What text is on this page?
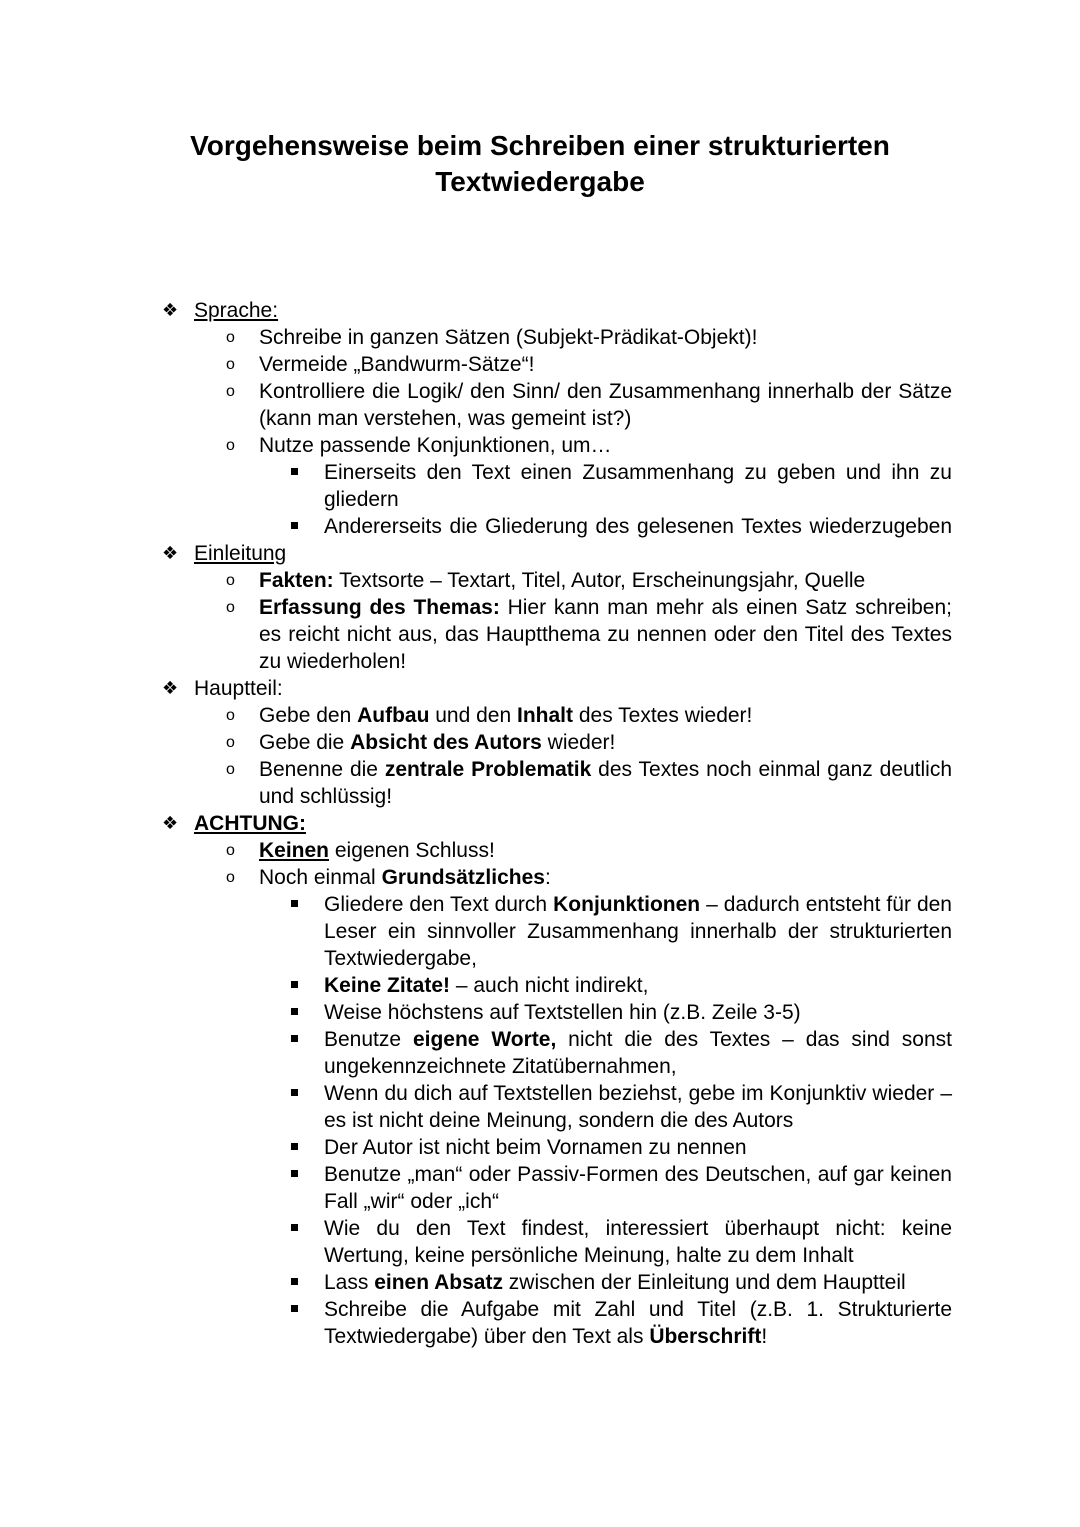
Vorgehensweise beim Schreiben einer strukturierten
Textwiedergabe
❖ Sprache:
o Schreibe in ganzen Sätzen (Subjekt-Prädikat-Objekt)!
o Vermeide „Bandwurm-Sätze“!
o Kontrolliere die Logik/ den Sinn/ den Zusammenhang innerhalb der Sätze (kann man verstehen, was gemeint ist?)
o Nutze passende Konjunktionen, um…
Einerseits den Text einen Zusammenhang zu geben und ihn zu gliedern
Andererseits die Gliederung des gelesenen Textes wiederzugeben
❖ Einleitung
o Fakten: Textsorte – Textart, Titel, Autor, Erscheinungsjahr, Quelle
o Erfassung des Themas: Hier kann man mehr als einen Satz schreiben; es reicht nicht aus, das Hauptthema zu nennen oder den Titel des Textes zu wiederholen!
❖ Hauptteil:
o Gebe den Aufbau und den Inhalt des Textes wieder!
o Gebe die Absicht des Autors wieder!
o Benenne die zentrale Problematik des Textes noch einmal ganz deutlich und schlüssig!
❖ ACHTUNG:
o Keinen eigenen Schluss!
o Noch einmal Grundsätzliches:
Gliedere den Text durch Konjunktionen – dadurch entsteht für den Leser ein sinnvoller Zusammenhang innerhalb der strukturierten Textwiedergabe,
Keine Zitate! – auch nicht indirekt,
Weise höchstens auf Textstellen hin (z.B. Zeile 3-5)
Benutze eigene Worte, nicht die des Textes – das sind sonst ungekennzeichnete Zitatübernahmen,
Wenn du dich auf Textstellen beziehst, gebe im Konjunktiv wieder – es ist nicht deine Meinung, sondern die des Autors
Der Autor ist nicht beim Vornamen zu nennen
Benutze „man“ oder Passiv-Formen des Deutschen, auf gar keinen Fall „wir“ oder „ich“
Wie du den Text findest, interessiert überhaupt nicht: keine Wertung, keine persönliche Meinung, halte zu dem Inhalt
Lass einen Absatz zwischen der Einleitung und dem Hauptteil
Schreibe die Aufgabe mit Zahl und Titel (z.B. 1. Strukturierte Textwiedergabe) über den Text als Überschrift!
